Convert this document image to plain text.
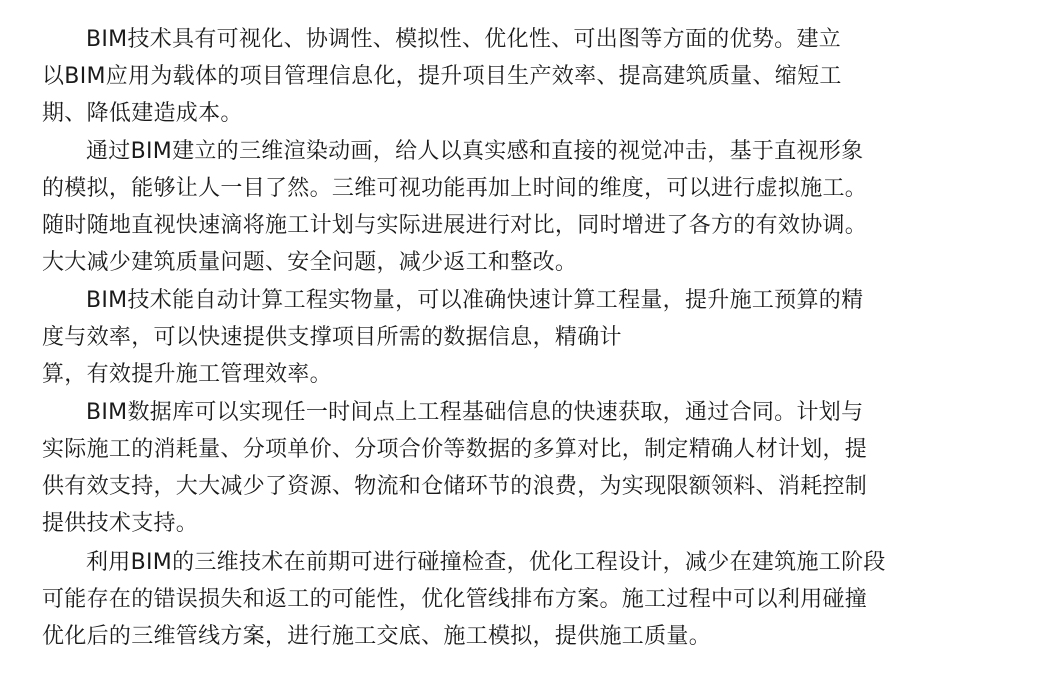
BIM技术具有可视化、协调性、模拟性、优化性、可出图等方面的优势。建立
以BIM应用为载体的项目管理信息化，提升项目生产效率、提高建筑质量、缩短工
期、降低建造成本。
通过BIM建立的三维渲染动画，给人以真实感和直接的视觉冲击，基于直视形象
的模拟，能够让人一目了然。三维可视功能再加上时间的维度，可以进行虚拟施工。
随时随地直视快速滴将施工计划与实际进展进行对比，同时增进了各方的有效协调。
大大减少建筑质量问题、安全问题，减少返工和整改。
BIM技术能自动计算工程实物量，可以准确快速计算工程量，提升施工预算的精
度与效率，可以快速提供支撑项目所需的数据信息，精确计
算，有效提升施工管理效率。
BIM数据库可以实现任一时间点上工程基础信息的快速获取，通过合同。计划与
实际施工的消耗量、分项单价、分项合价等数据的多算对比，制定精确人材计划，提
供有效支持，大大减少了资源、物流和仓储环节的浪费，为实现限额领料、消耗控制
提供技术支持。
利用BIM的三维技术在前期可进行碰撞检查，优化工程设计，减少在建筑施工阶段
可能存在的错误损失和返工的可能性，优化管线排布方案。施工过程中可以利用碰撞
优化后的三维管线方案，进行施工交底、施工模拟，提供施工质量。
